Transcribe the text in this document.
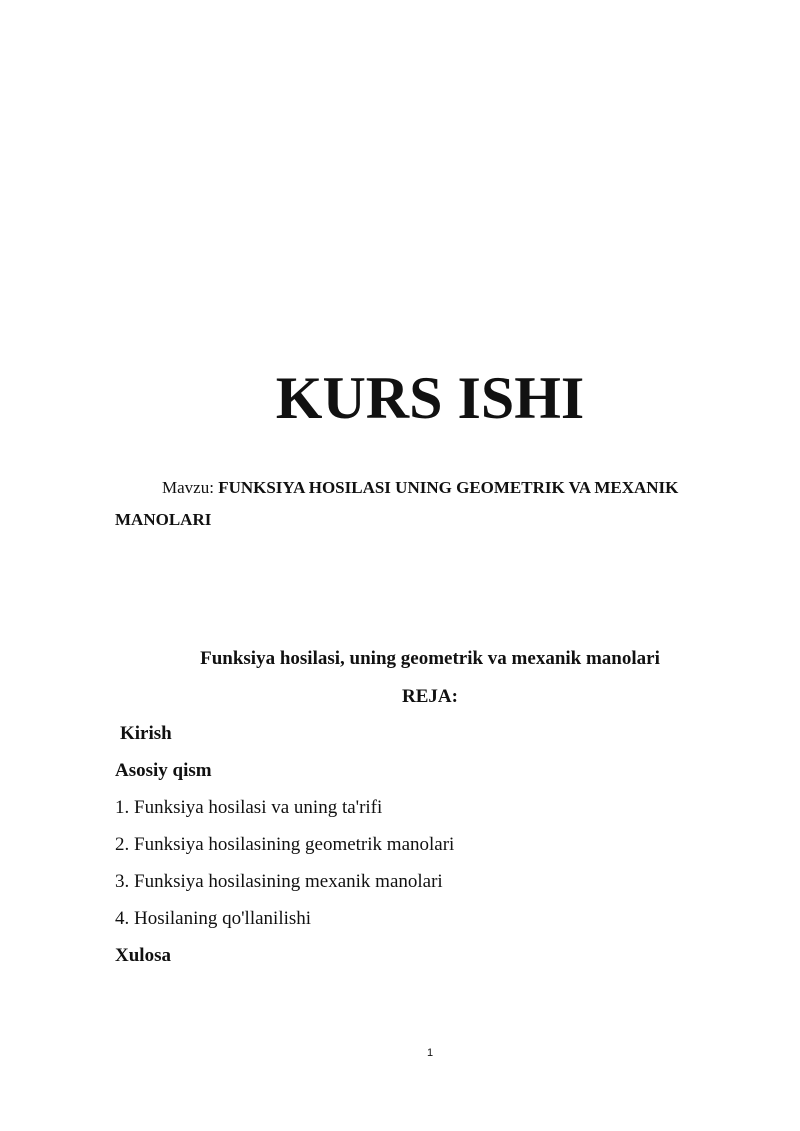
KURS ISHI
Mavzu: FUNKSIYA HOSILASI UNING GEOMETRIK VA MEXANIK MANOLARI
Funksiya hosilasi, uning geometrik va mexanik manolari
REJA:
Kirish
Asosiy qism
1. Funksiya hosilasi va uning ta'rifi
2. Funksiya hosilasining geometrik manolari
3. Funksiya hosilasining mexanik manolari
4. Hosilaning qo'llanilishi
Xulosa
1
